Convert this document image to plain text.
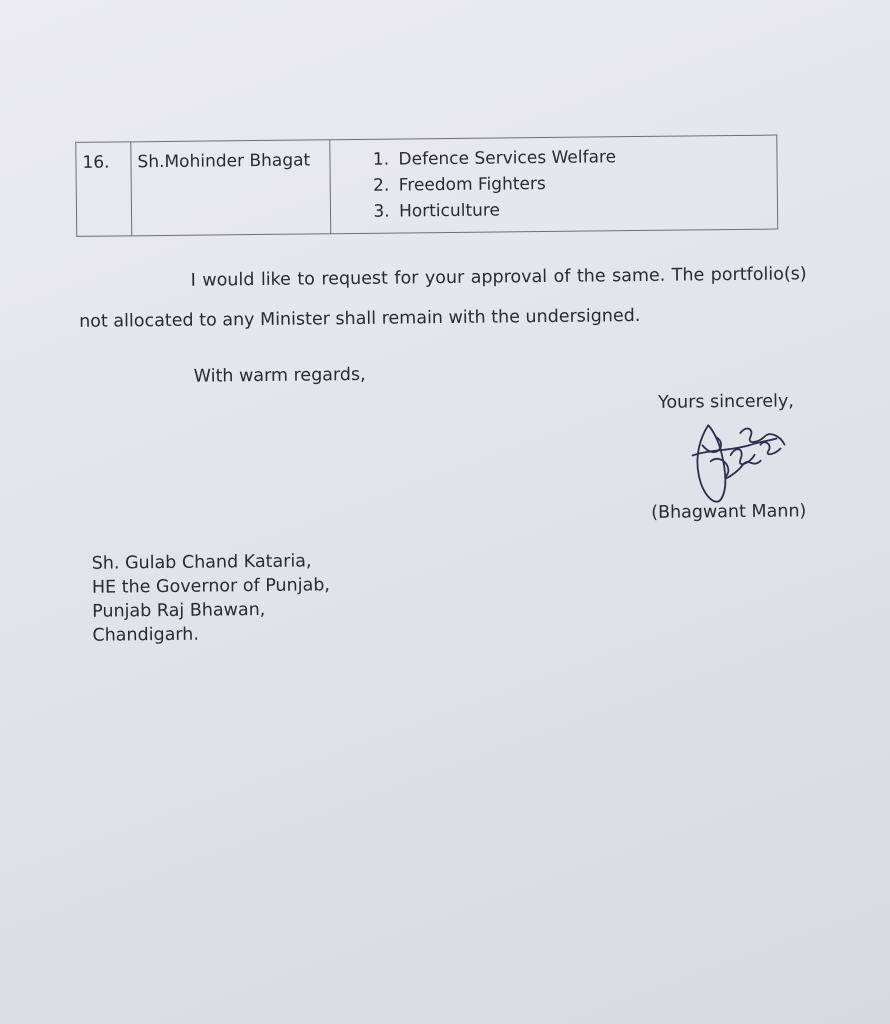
16.	Sh.Mohinder Bhagat	
1.Defence Services Welfare
2. Freedom Fighters
3. Horticulture

I would like to request for your approval of the same. The portfolio(s) not allocated to any Minister shall remain with the undersigned.

With warm regards,

Yours sincerely,

(Bhagwant Mann)

Sh. Gulab Chand Kataria,
HE the Governor of Punjab,
Punjab Raj Bhawan,
Chandigarh.
